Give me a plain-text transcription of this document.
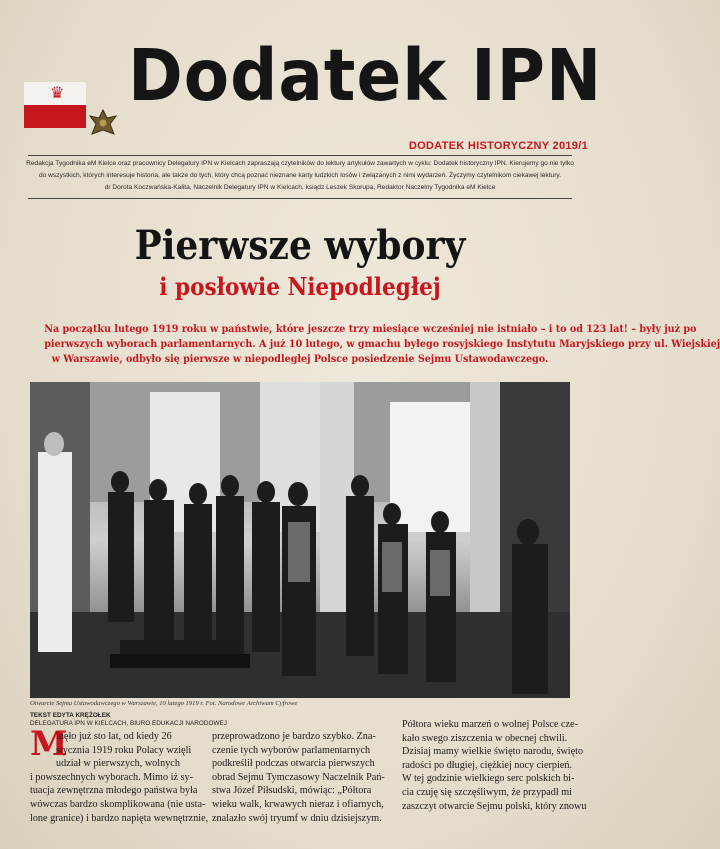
♛ Dodatek IPN
DODATEK HISTORYCZNY 2019/1
Redakcja Tygodnika eM Kielce oraz pracownicy Delegatury IPN w Kielcach zapraszają czytelników do lektury artykułów zawartych w cyklu: Dodatek historyczny IPN. Kierujemy go nie tylko
do wszystkich, których interesuje historia, ale także do tych, który chcą poznać nieznane karty ludzkich losów i związanych z nimi wydarzeń. Życzymy czytelnikom ciekawej lektury.
dr Dorota Koczwańska-Kalita, Naczelnik Delegatury IPN w Kielcach, ksiądz Leszek Skorupa, Redaktor Naczelny Tygodnika eM Kielce
Pierwsze wybory
i posłowie Niepodległej
Na początku lutego 1919 roku w państwie, które jeszcze trzy miesiące wcześniej nie istniało – i to od 123 lat! – były już po
pierwszych wyborach parlamentarnych. A już 10 lutego, w gmachu byłego rosyjskiego Instytutu Maryjskiego przy ul. Wiejskiej
w Warszawie, odbyło się pierwsze w niepodległej Polsce posiedzenie Sejmu Ustawodawczego.
Otwarcie Sejmu Ustawodawczego w Warszawie, 10 lutego 1919 r. Fot. Narodowe Archiwum Cyfrowe
TEKST EDYTA KRĘŻOŁEK
DELEGATURA IPN W KIELCACH, BIURO EDUKACJI NARODOWEJ
M
inęło już sto lat, od kiedy 26
stycznia 1919 roku Polacy wzięli
udział w pierwszych, wolnych
i powszechnych wyborach. Mimo iż sy-
tuacja zewnętrzna młodego państwa była
wówczas bardzo skomplikowana (nie usta-
lone granice) i bardzo napięta wewnętrznie,
przeprowadzono je bardzo szybko. Zna-
czenie tych wyborów parlamentarnych
podkreślił podczas otwarcia pierwszych
obrad Sejmu Tymczasowy Naczelnik Pań-
stwa Józef Piłsudski, mówiąc: „Półtora
wieku walk, krwawych nieraz i ofiarnych,
znalazło swój tryumf w dniu dzisiejszym.
Półtora wieku marzeń o wolnej Polsce cze-
kało swego ziszczenia w obecnej chwili.
Dzisiaj mamy wielkie święto narodu, święto
radości po długiej, ciężkiej nocy cierpień.
W tej godzinie wielkiego serc polskich bi-
cia czuję się szczęśliwym, że przypadł mi
zaszczyt otwarcie Sejmu polski, który znowu
